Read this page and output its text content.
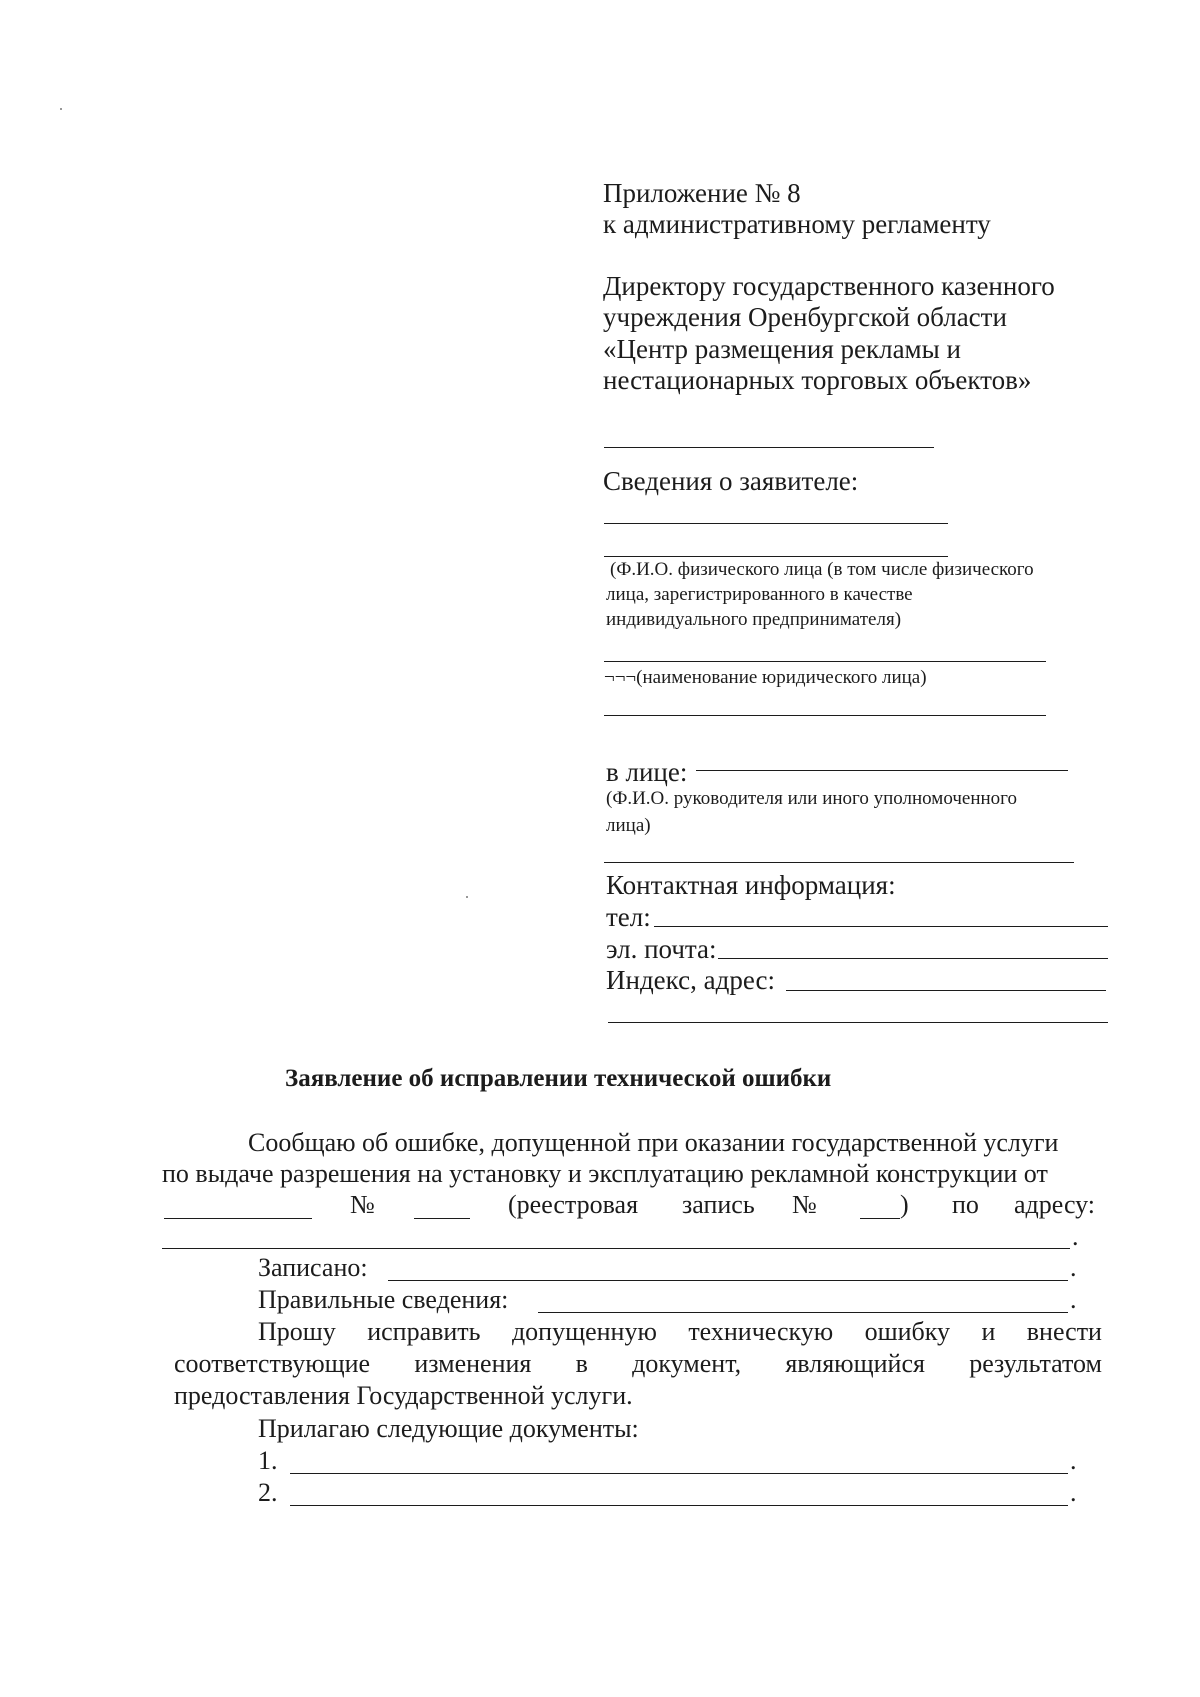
Приложение № 8
к административному регламенту
Директору государственного казенного
учреждения Оренбургской области
«Центр размещения рекламы и
нестационарных торговых объектов»
Сведения о заявителе:
(Ф.И.О. физического лица (в том числе физического
лица, зарегистрированного в качестве
индивидуального предпринимателя)
¬¬¬(наименование юридического лица)
в лице:
(Ф.И.О. руководителя или иного уполномоченного
лица)
Контактная информация:
тел:
эл. почта:
Индекс, адрес:
Заявление об исправлении технической ошибки
Сообщаю об ошибке, допущенной при оказании государственной услуги
по выдаче разрешения на установку и эксплуатацию рекламной конструкции от
№	(реестровая запись №	) по адресу:
.
Записано:	.
Правильные сведения:	.
Прошу исправить допущенную техническую ошибку и внести
соответствующие изменения в документ, являющийся результатом
предоставления Государственной услуги.
Прилагаю следующие документы:
1.	.
2.	.
